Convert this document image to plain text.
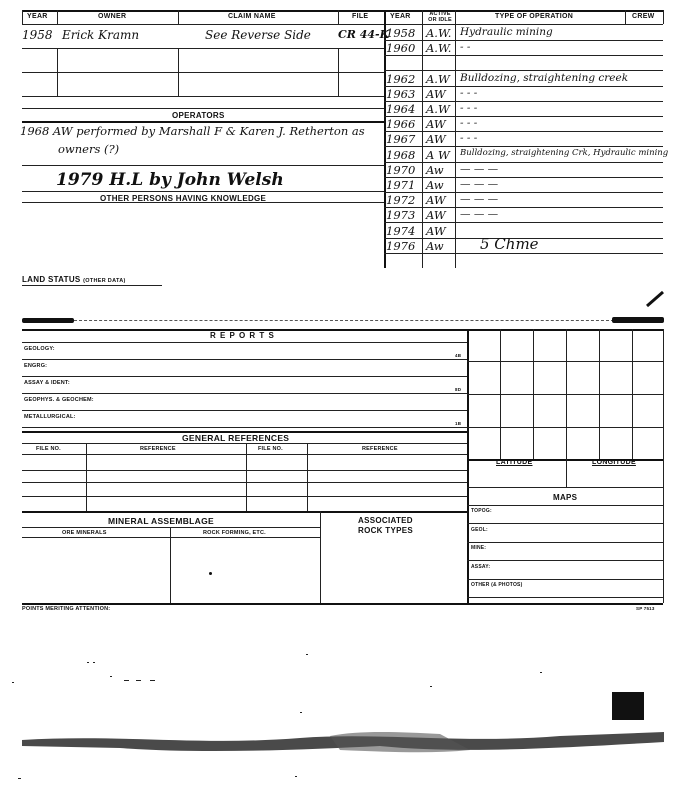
YEAR	OWNER	CLAIM NAME	FILE	YEAR	ACTIVE OR IDLE	TYPE OF OPERATION	CREW
1958 Erick Kramn	See Reverse Side CR 44-K
OPERATORS
1968 AW performed by Marshall F & Karen J. Retherton as
owners (?)
1979 H.L by John Welsh
OTHER PERSONS HAVING KNOWLEDGE
1958 A.W. Hydraulic mining
1960 A.W. - -
1962 A.W Bulldozing, straightening creek
1963 AW - - -
1964 A.W - - -
1966 AW - - -
1967 AW - - -
1968 A W Bulldozing, straightening Crk, Hydraulic mining
1970 Aw — — —
1971 Aw — — —
1972 AW — — —
1973 AW — — —
1974 AW
1976 Aw 5 Chme
LAND STATUS (OTHER DATA)
R E P O R T S
GEOLOGY:
4B
ENGRG:
ASSAY & IDENT:
8D
GEOPHYS. & GEOCHEM:
METALLURGICAL:
1B
LATITUDE	LONGITUDE
MAPS
TOPOG:
GEOL:
MINE:
ASSAY:
OTHER (& PHOTOS)
GENERAL REFERENCES
FILE NO.	REFERENCE	FILE NO.	REFERENCE
MINERAL ASSEMBLAGE
ORE MINERALS	ROCK FORMING, ETC.
ASSOCIATED
ROCK TYPES
POINTS MERITING ATTENTION:	SP 7513
